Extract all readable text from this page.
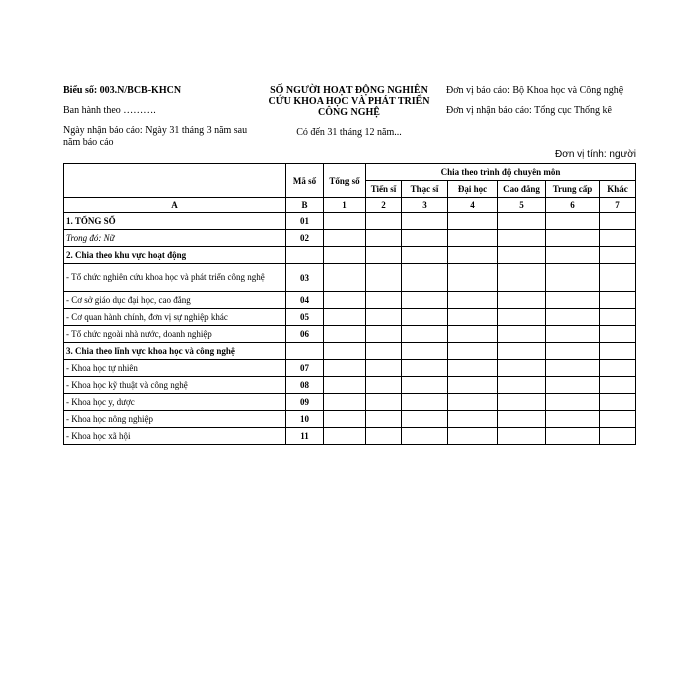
Biểu số: 003.N/BCB-KHCN
Ban hành theo ……….
Ngày nhận báo cáo: Ngày 31 tháng 3 năm sau năm báo cáo
SỐ NGƯỜI HOẠT ĐỘNG NGHIÊN CỨU KHOA HỌC VÀ PHÁT TRIỂN CÔNG NGHỆ
Có đến 31 tháng 12 năm...
Đơn vị báo cáo: Bộ Khoa học và Công nghệ
Đơn vị nhận báo cáo: Tổng cục Thống kê
Đơn vị tính: người
	Mã số	Tổng số	Chia theo trình độ chuyên môn					
			Tiến sĩ	Thạc sĩ	Đại học	Cao đẳng	Trung cấp	Khác
A	B	1	2	3	4	5	6	7
1. TỔNG SỐ	01							
Trong đó: Nữ	02							
2. Chia theo khu vực hoạt động								
- Tổ chức nghiên cứu khoa học và phát triển công nghệ	03							
- Cơ sở giáo dục đại học, cao đẳng	04							
- Cơ quan hành chính, đơn vị sự nghiệp khác	05							
- Tổ chức ngoài nhà nước, doanh nghiệp	06							
3. Chia theo lĩnh vực khoa học và công nghệ								
- Khoa học tự nhiên	07							
- Khoa học kỹ thuật và công nghệ	08							
- Khoa học y, dược	09							
- Khoa học nông nghiệp	10							
- Khoa học xã hội	11							
